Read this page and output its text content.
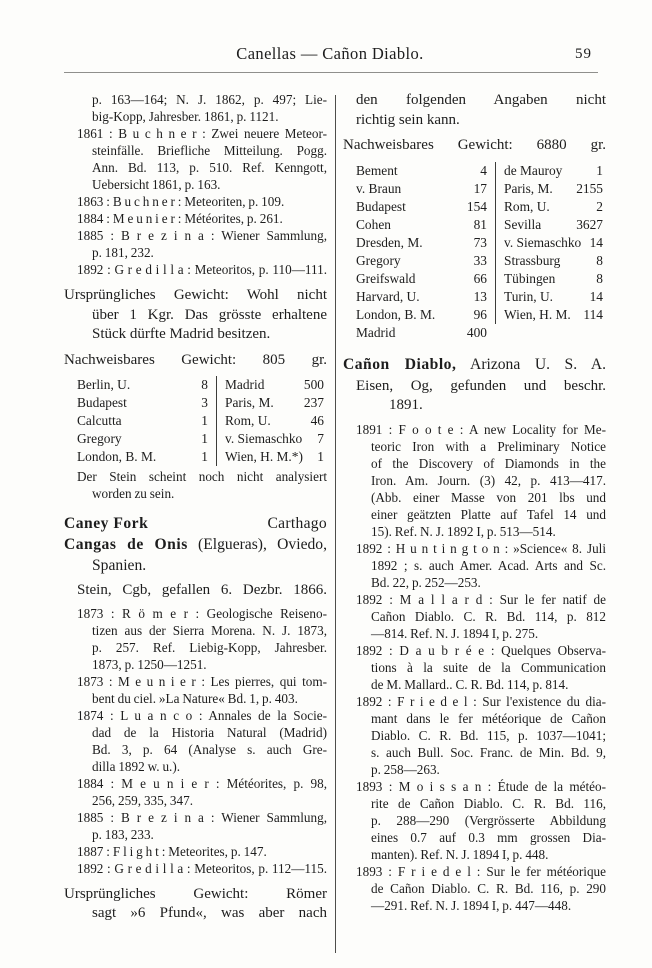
Canellas — Cañon Diablo.	59
p. 163—164; N. J. 1862, p. 497; Lie-
big-Kopp, Jahresber. 1861, p. 1121.
1861 : B u c h n e r : Zwei neuere Meteor-
steinfälle. Briefliche Mitteilung. Pogg.
Ann. Bd. 113, p. 510. Ref. Kenngott,
Uebersicht 1861, p. 163.
1863 : B u c h n e r : Meteoriten, p. 109.
1884 : M e u n i e r : Météorites, p. 261.
1885 : B r e z i n a : Wiener Sammlung,
p. 181, 232.
1892 : G r e d i l l a : Meteoritos, p. 110—111.
Ursprüngliches Gewicht: Wohl nicht
über 1 Kgr. Das grösste erhaltene
Stück dürfte Madrid besitzen.
Nachweisbares Gewicht: 805 gr.
Berlin, U.	8 Madrid	500
Budapest	3 Paris, M. 237
Calcutta	1 Rom, U.	46
Gregory	1 v. Siemaschko 7
London, B. M.	1 Wien, H. M.*) 1
Der Stein scheint noch nicht analysiert
worden zu sein.
Carthago
Caney Fork
Cangas de Onis (Elgueras), Oviedo,
Spanien.
Stein, Cgb, gefallen 6. Dezbr. 1866.
1873 : R ö m e r : Geologische Reiseno-
tizen aus der Sierra Morena. N. J. 1873,
p. 257. Ref. Liebig-Kopp, Jahresber.
1873, p. 1250—1251.
1873 : M e u n i e r : Les pierres, qui tom-
bent du ciel. »La Nature« Bd. 1, p. 403.
1874 : L u a n c o : Annales de la Socie-
dad de la Historia Natural (Madrid)
Bd. 3, p. 64 (Analyse s. auch Gre-
dilla 1892 w. u.).
1884 : M e u n i e r : Météorites, p. 98,
256, 259, 335, 347.
1885 : B r e z i n a : Wiener Sammlung,
p. 183, 233.
1887 : F l i g h t : Meteorites, p. 147.
1892 : G r e d i l l a : Meteoritos, p. 112—115.
Ursprüngliches Gewicht: Römer
sagt »6 Pfund«, was aber nach
den folgenden Angaben nicht
richtig sein kann.
Nachweisbares Gewicht: 6880 gr.
Bement	4 de Mauroy	1
v. Braun	17 Paris, M. 2155
Budapest	154 Rom, U.	2
Cohen	81 Sevilla	3627
Dresden, M.	73 v. Siemaschko 14
Gregory	33 Strassburg	8
Greifswald	66 Tübingen	8
Harvard, U.	13 Turin, U.	14
London, B. M.	96 Wien, H. M. 114
Madrid	400
Cañon Diablo, Arizona U. S. A.
Eisen, Og, gefunden und beschr.
1891.
1891 : F o o t e : A new Locality for Me-
teoric Iron with a Preliminary Notice
of the Discovery of Diamonds in the
Iron. Am. Journ. (3) 42, p. 413—417.
(Abb. einer Masse von 201 lbs und
einer geätzten Platte auf Tafel 14 und
15). Ref. N. J. 1892 I, p. 513—514.
1892 : H u n t i n g t o n : »Science« 8. Juli
1892 ; s. auch Amer. Acad. Arts and Sc.
Bd. 22, p. 252—253.
1892 : M a l l a r d : Sur le fer natif de
Cañon Diablo. C. R. Bd. 114, p. 812
—814. Ref. N. J. 1894 I, p. 275.
1892 : D a u b r é e : Quelques Observa-
tions à la suite de la Communication
de M. Mallard.. C. R. Bd. 114, p. 814.
1892 : F r i e d e l : Sur l'existence du dia-
mant dans le fer météorique de Cañon
Diablo. C. R. Bd. 115, p. 1037—1041;
s. auch Bull. Soc. Franc. de Min. Bd. 9,
p. 258—263.
1893 : M o i s s a n : Étude de la météo-
rite de Cañon Diablo. C. R. Bd. 116,
p. 288—290 (Vergrösserte Abbildung
eines 0.7 auf 0.3 mm grossen Dia-
manten). Ref. N. J. 1894 I, p. 448.
1893 : F r i e d e l : Sur le fer météorique
de Cañon Diablo. C. R. Bd. 116, p. 290
—291. Ref. N. J. 1894 I, p. 447—448.
